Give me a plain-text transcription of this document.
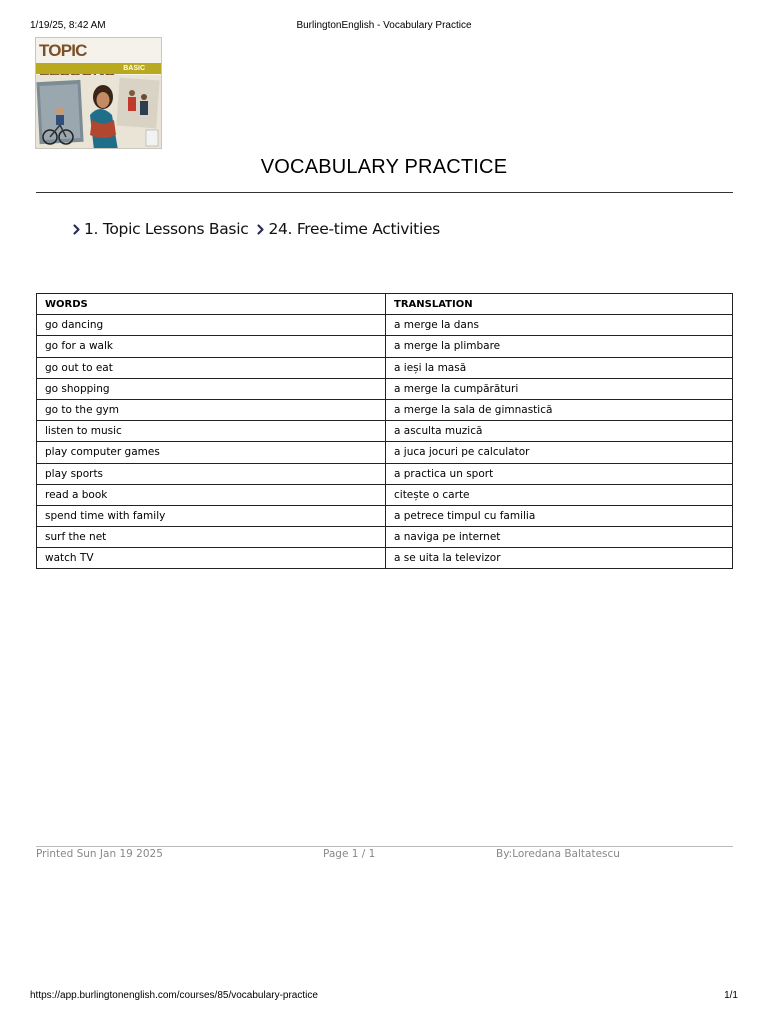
1/19/25, 8:42 AM	BurlingtonEnglish - Vocabulary Practice
TOPIC
BASIC
VOCABULARY PRACTICE
1. Topic Lessons Basic 24. Free-time Activities
WORDS	TRANSLATION
go dancing	a merge la dans
go for a walk	a merge la plimbare
go out to eat	a ieși la masă
go shopping	a merge la cumpărături
go to the gym	a merge la sala de gimnastică
listen to music	a asculta muzică
play computer games	a juca jocuri pe calculator
play sports	a practica un sport
read a book	citește o carte
spend time with family	a petrece timpul cu familia
surf the net	a naviga pe internet
watch TV	a se uita la televizor
Printed Sun Jan 19 2025	Page 1 / 1	By:Loredana Baltatescu
https://app.burlingtonenglish.com/courses/85/vocabulary-practice	1/1
